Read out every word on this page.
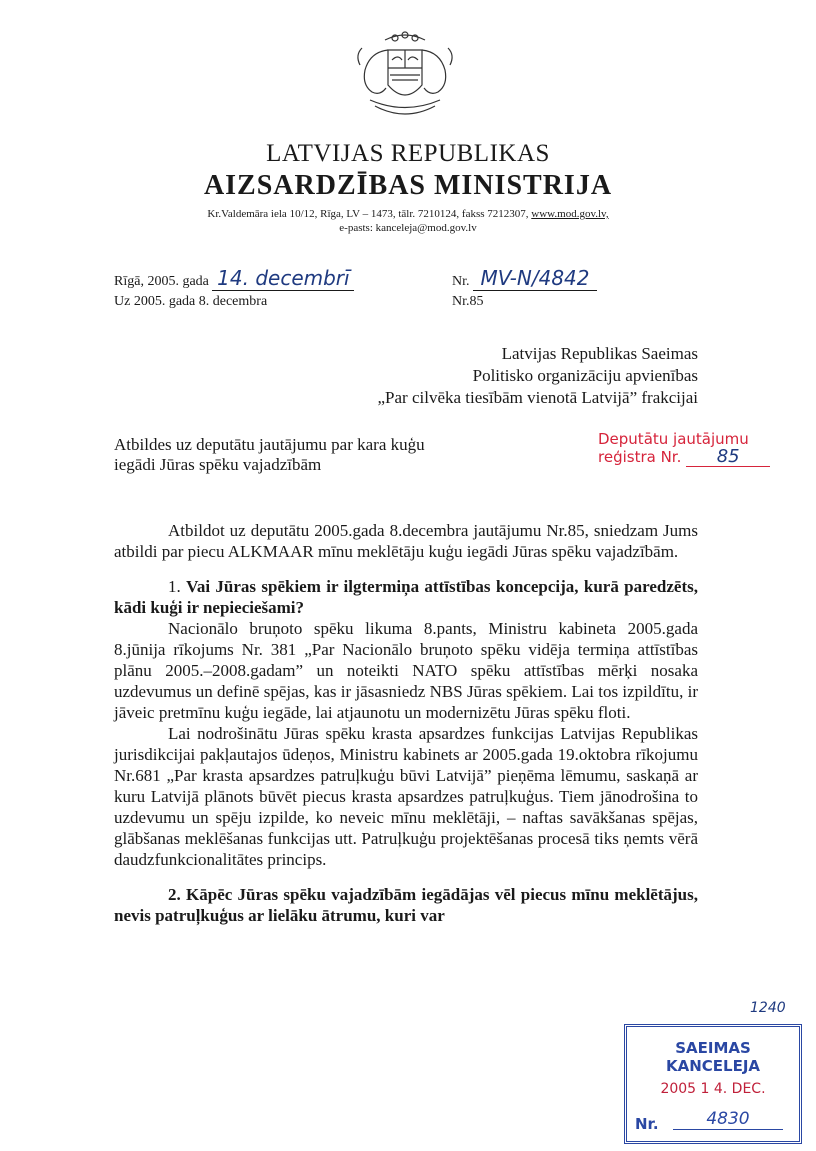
LATVIJAS REPUBLIKAS
AIZSARDZĪBAS MINISTRIJA
Kr.Valdemāra iela 10/12, Rīga, LV – 1473, tālr. 7210124, fakss 7212307, www.mod.gov.lv,
e-pasts: kanceleja@mod.gov.lv
Rīgā, 2005. gada 14. decembrī	Nr. MV-N/4842
Uz 2005. gada 8. decembra	Nr.85
Latvijas Republikas Saeimas
Politisko organizāciju apvienības
„Par cilvēka tiesībām vienotā Latvijā” frakcijai
Atbildes uz deputātu jautājumu par kara kuģu
iegādi Jūras spēku vajadzībām
Deputātu jautājumu
reģistra Nr. 85

Atbildot uz deputātu 2005.gada 8.decembra jautājumu Nr.85, sniedzam Jums atbildi par piecu ALKMAAR mīnu meklētāju kuģu iegādi Jūras spēku vajadzībām.

1. Vai Jūras spēkiem ir ilgtermiņa attīstības koncepcija, kurā paredzēts, kādi kuģi ir nepieciešami?

Nacionālo bruņoto spēku likuma 8.pants, Ministru kabineta 2005.gada 8.jūnija rīkojums Nr. 381 „Par Nacionālo bruņoto spēku vidēja termiņa attīstības plānu 2005.–2008.gadam” un noteikti NATO spēku attīstības mērķi nosaka uzdevumus un definē spējas, kas ir jāsasniedz NBS Jūras spēkiem. Lai tos izpildītu, ir jāveic pretmīnu kuģu iegāde, lai atjaunotu un modernizētu Jūras spēku floti.

Lai nodrošinātu Jūras spēku krasta apsardzes funkcijas Latvijas Republikas jurisdikcijai pakļautajos ūdeņos, Ministru kabinets ar 2005.gada 19.oktobra rīkojumu Nr.681 „Par krasta apsardzes patruļkuģu būvi Latvijā” pieņēma lēmumu, saskaņā ar kuru Latvijā plānots būvēt piecus krasta apsardzes patruļkuģus. Tiem jānodrošina to uzdevumu un spēju izpilde, ko neveic mīnu meklētāji, – naftas savākšanas spējas, glābšanas meklēšanas funkcijas utt. Patruļkuģu projektēšanas procesā tiks ņemts vērā daudzfunkcionalitātes princips.

2. Kāpēc Jūras spēku vajadzībām iegādājas vēl piecus mīnu meklētājus, nevis patruļkuģus ar lielāku ātrumu, kuri var

1240
SAEIMAS KANCELEJA
2005 1 4. DEC.
Nr.	4830
